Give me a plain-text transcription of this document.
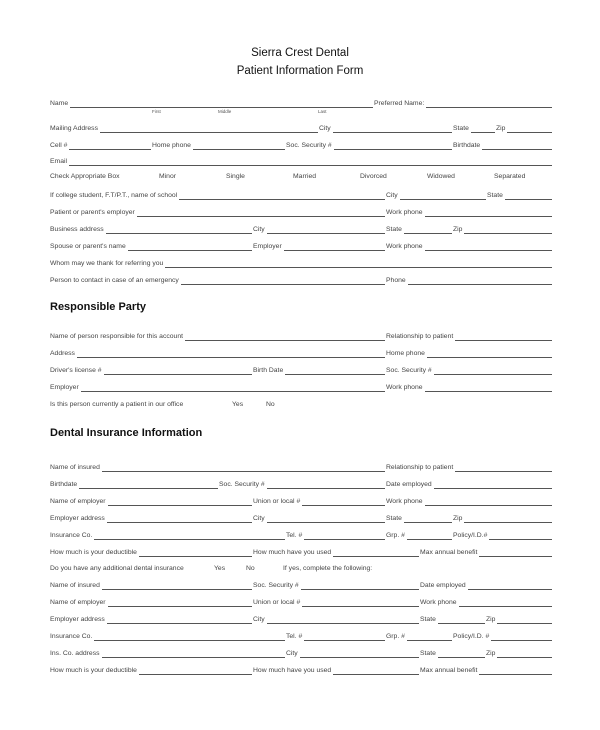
Sierra Crest Dental
Patient Information Form
Name	Preferred Name:
Mailing Address	City	State	Zip
Cell #	Home phone	Soc. Security #	Birthdate
Email
Check Appropriate Box	Minor	Single	Married	Divorced	Widowed	Separated
If college student, F.T/P.T., name of school	City	State
Patient or parent's employer	Work phone
Business address	City	State	Zip
Spouse or parent's name	Employer	Work phone
Whom may we thank for referring you
Person to contact in case of an emergency	Phone
Responsible Party
Name of person responsible for this account	Relationship to patient
Address	Home phone
Driver's license #	Birth Date	Soc. Security #
Employer	Work phone
Is this person currently a patient in our office	Yes	No
Dental Insurance Information
Name of insured	Relationship to patient
Birthdate	Soc. Security #	Date employed
Name of employer	Union or local #	Work phone
Employer address	City	State	Zip
Insurance Co.	Tel. #	Grp. #	Policy/I.D.#
How much is your deductible	How much have you used	Max annual benefit
Do you have any additional dental insurance	Yes	No	If yes, complete the following:
Name of insured	Soc. Security #	Date employed
Name of employer	Union or local #	Work phone
Employer address	City	State	Zip
Insurance Co.	Tel. #	Grp. #	Policy/I.D. #
Ins. Co. address	City	State	Zip
How much is your deductible	How much have you used	Max annual benefit
First	Middle	Last
